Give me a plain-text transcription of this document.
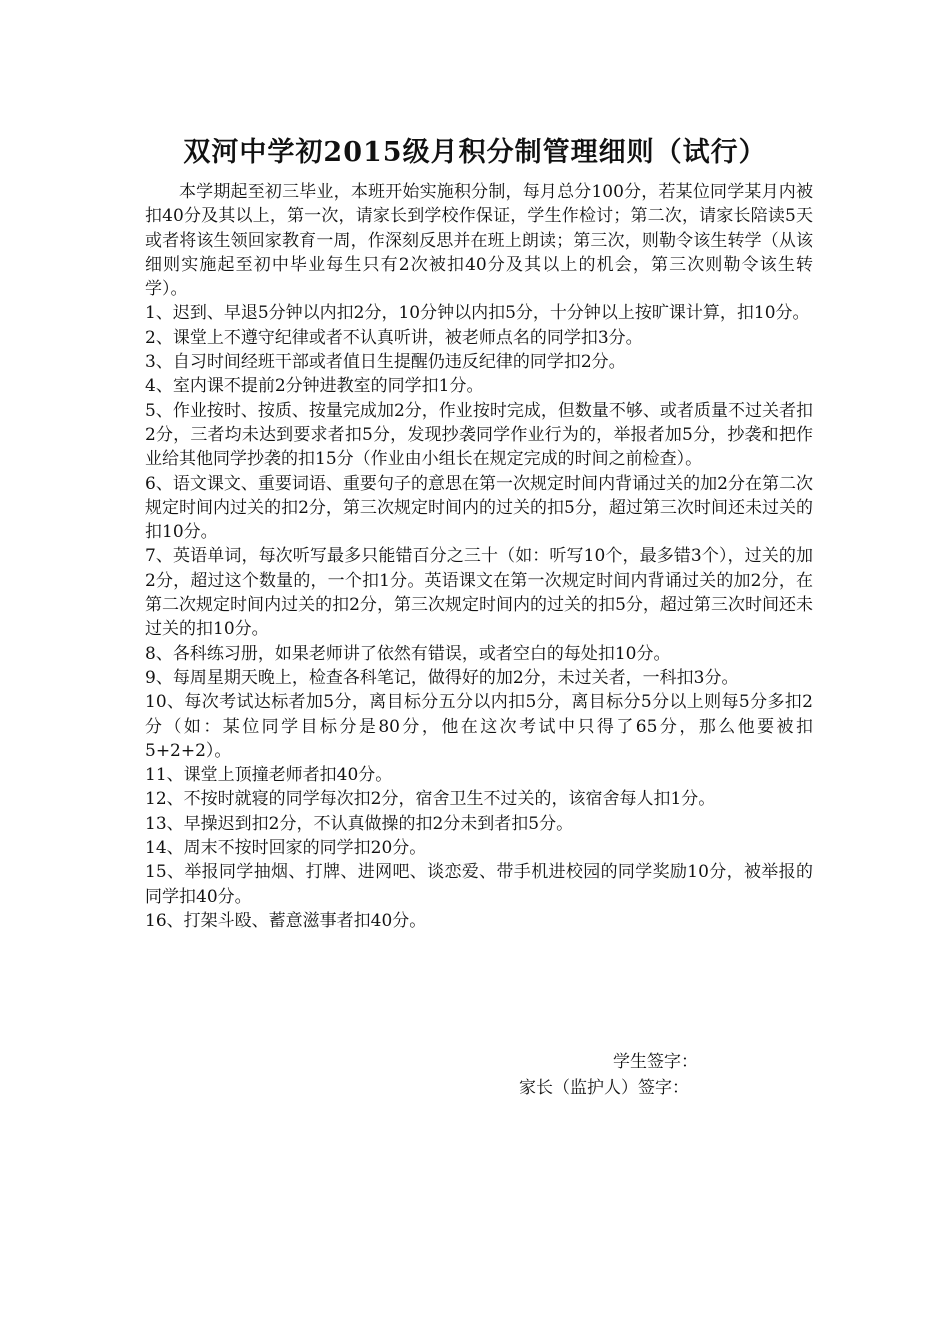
双河中学初2015级月积分制管理细则（试行）

本学期起至初三毕业，本班开始实施积分制，每月总分100分，若某位同学某月内被扣40分及其以上，第一次，请家长到学校作保证，学生作检讨；第二次，请家长陪读5天或者将该生领回家教育一周，作深刻反思并在班上朗读；第三次，则勒令该生转学（从该细则实施起至初中毕业每生只有2次被扣40分及其以上的机会，第三次则勒令该生转学）。

1、迟到、早退5分钟以内扣2分，10分钟以内扣5分，十分钟以上按旷课计算，扣10分。

2、课堂上不遵守纪律或者不认真听讲，被老师点名的同学扣3分。

3、自习时间经班干部或者值日生提醒仍违反纪律的同学扣2分。

4、室内课不提前2分钟进教室的同学扣1分。

5、作业按时、按质、按量完成加2分，作业按时完成，但数量不够、或者质量不过关者扣2分，三者均未达到要求者扣5分，发现抄袭同学作业行为的，举报者加5分，抄袭和把作业给其他同学抄袭的扣15分（作业由小组长在规定完成的时间之前检查）。

6、语文课文、重要词语、重要句子的意思在第一次规定时间内背诵过关的加2分在第二次规定时间内过关的扣2分，第三次规定时间内的过关的扣5分，超过第三次时间还未过关的扣10分。

7、英语单词，每次听写最多只能错百分之三十（如：听写10个，最多错3个），过关的加2分，超过这个数量的，一个扣1分。英语课文在第一次规定时间内背诵过关的加2分，在第二次规定时间内过关的扣2分，第三次规定时间内的过关的扣5分，超过第三次时间还未过关的扣10分。

8、各科练习册，如果老师讲了依然有错误，或者空白的每处扣10分。

9、每周星期天晚上，检查各科笔记，做得好的加2分，未过关者，一科扣3分。

10、每次考试达标者加5分，离目标分五分以内扣5分，离目标分5分以上则每5分多扣2分（如：某位同学目标分是80分，他在这次考试中只得了65分，那么他要被扣5+2+2）。

11、课堂上顶撞老师者扣40分。

12、不按时就寝的同学每次扣2分，宿舍卫生不过关的，该宿舍每人扣1分。

13、早操迟到扣2分，不认真做操的扣2分未到者扣5分。

14、周末不按时回家的同学扣20分。

15、举报同学抽烟、打牌、进网吧、谈恋爱、带手机进校园的同学奖励10分，被举报的同学扣40分。

16、打架斗殴、蓄意滋事者扣40分。

学生签字：
家长（监护人）签字：
